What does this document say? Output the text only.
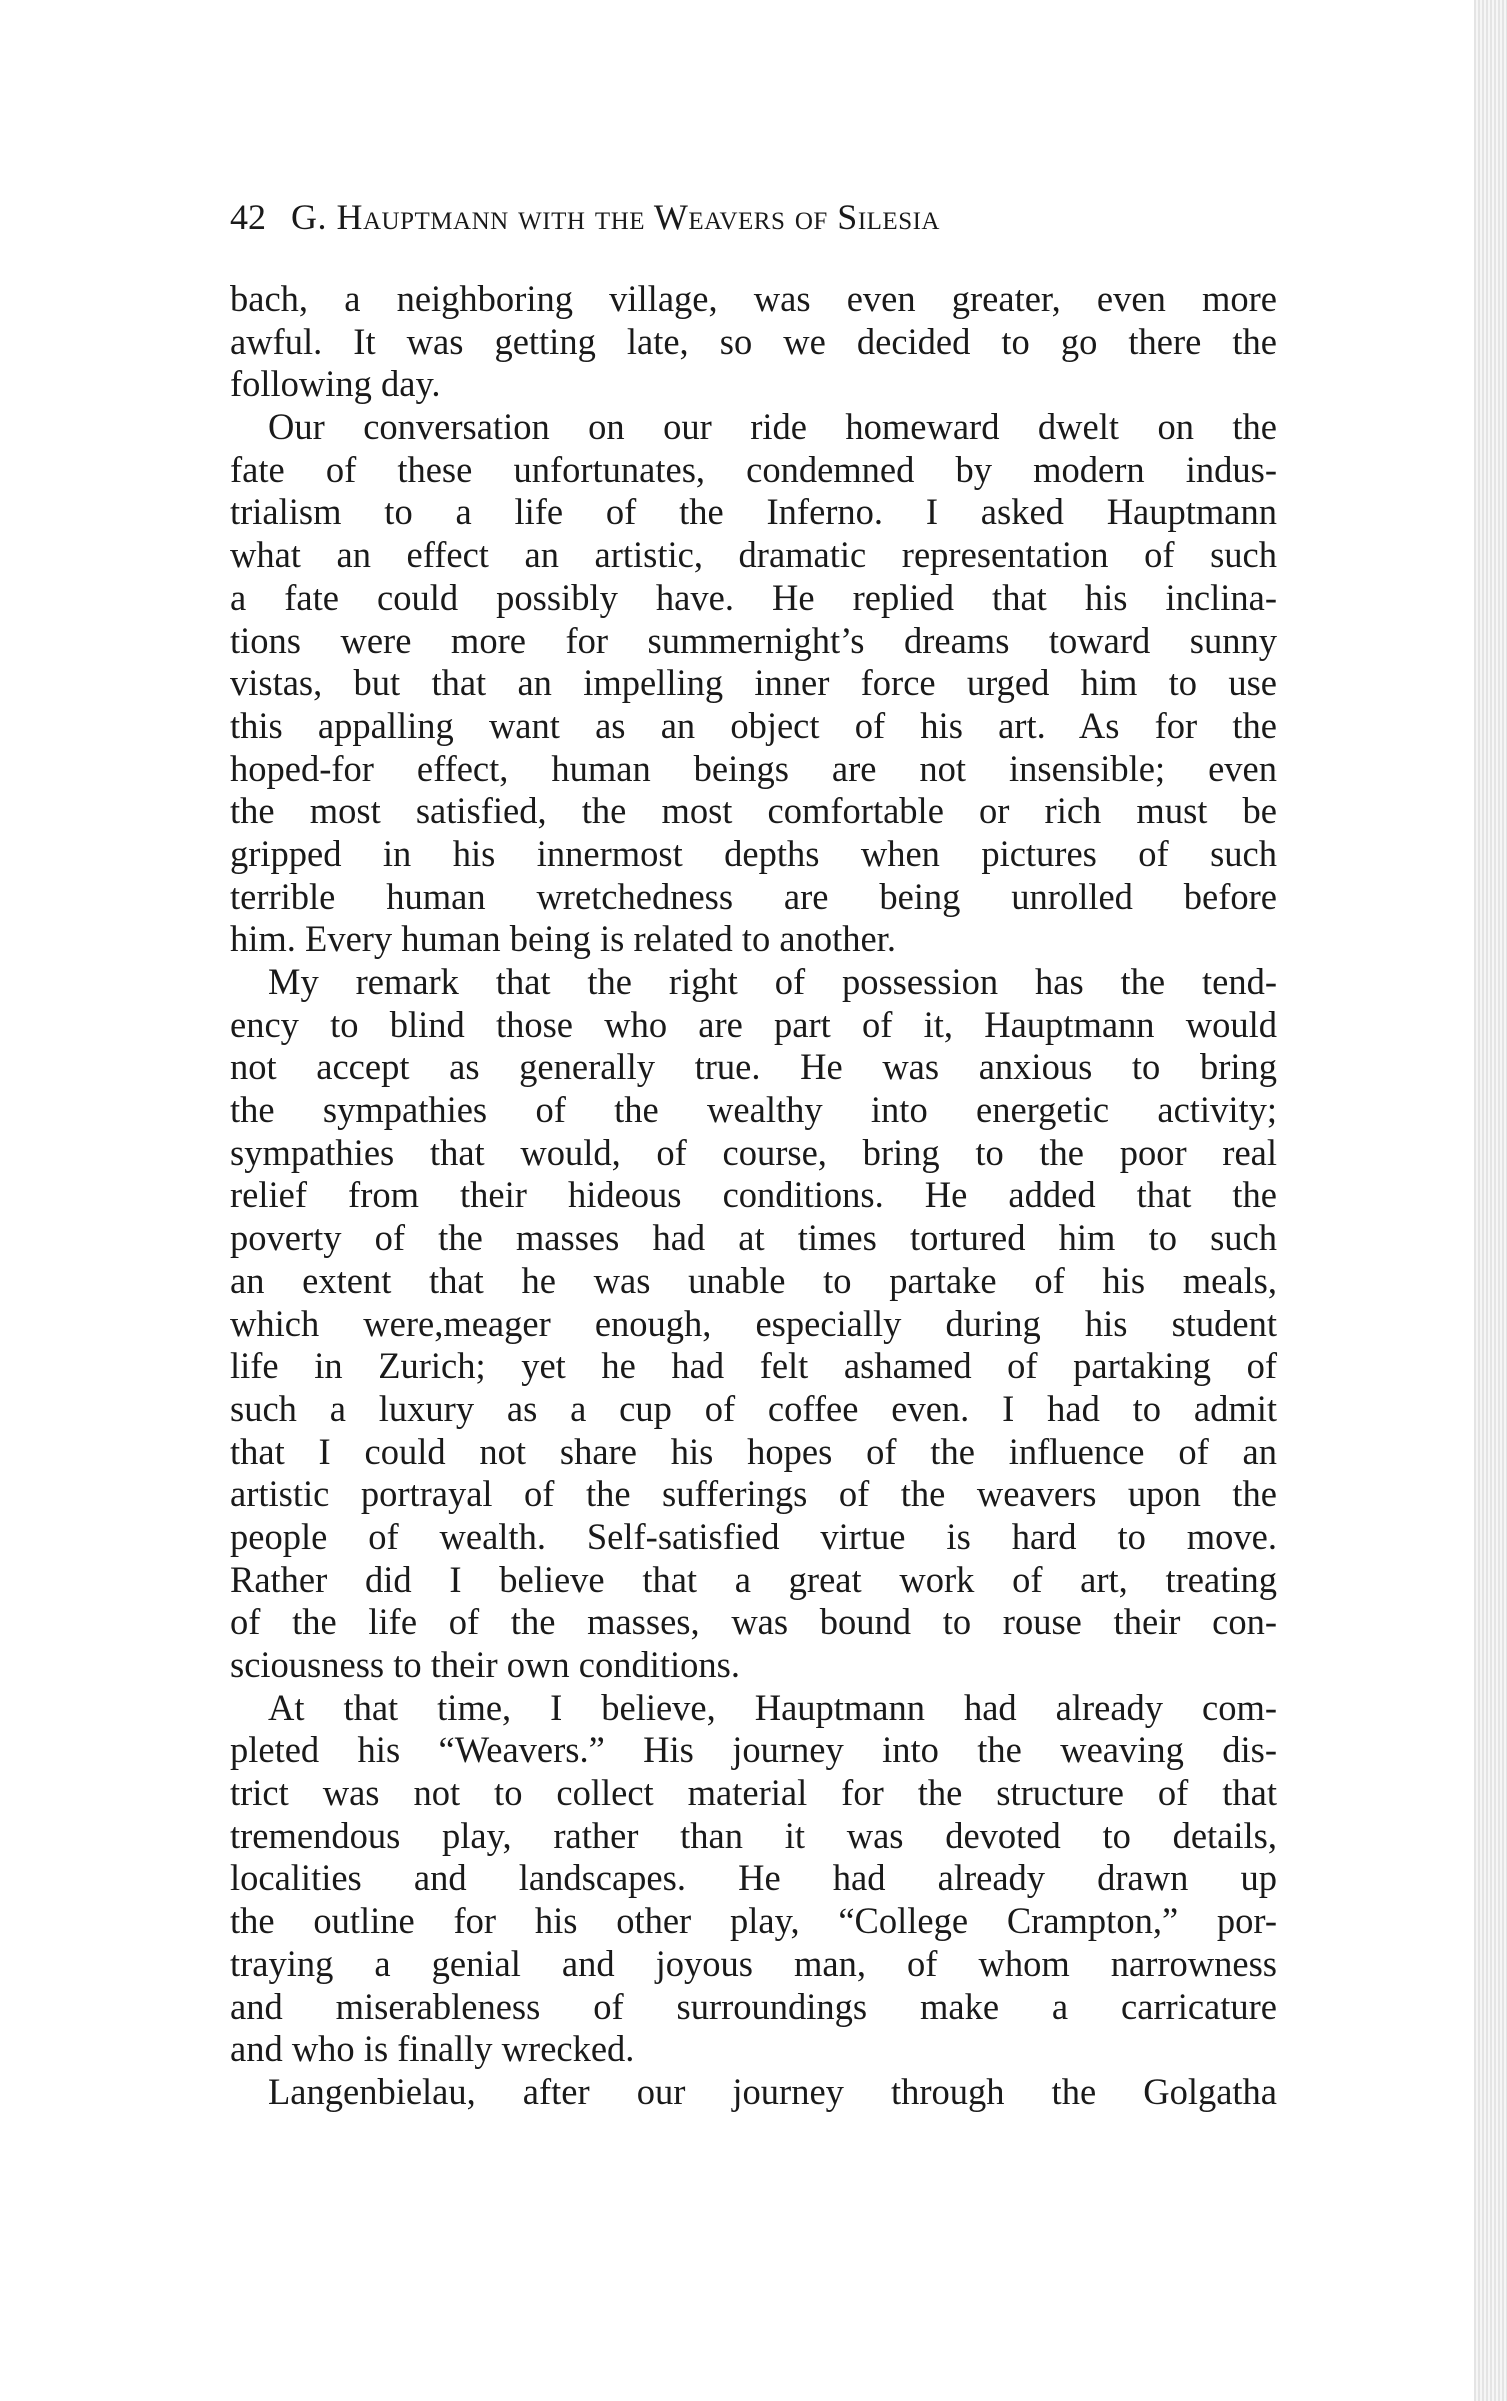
42 G. Hauptmann with the Weavers of Silesia
bach, a neighboring village, was even greater, even more
awful. It was getting late, so we decided to go there the
following day.
Our conversation on our ride homeward dwelt on the
fate of these unfortunates, condemned by modern indus-
trialism to a life of the Inferno. I asked Hauptmann
what an effect an artistic, dramatic representation of such
a fate could possibly have. He replied that his inclina-
tions were more for summernight’s dreams toward sunny
vistas, but that an impelling inner force urged him to use
this appalling want as an object of his art. As for the
hoped-for effect, human beings are not insensible; even
the most satisfied, the most comfortable or rich must be
gripped in his innermost depths when pictures of such
terrible human wretchedness are being unrolled before
him. Every human being is related to another.
My remark that the right of possession has the tend-
ency to blind those who are part of it, Hauptmann would
not accept as generally true. He was anxious to bring
the sympathies of the wealthy into energetic activity;
sympathies that would, of course, bring to the poor real
relief from their hideous conditions. He added that the
poverty of the masses had at times tortured him to such
an extent that he was unable to partake of his meals,
which were,meager enough, especially during his student
life in Zurich; yet he had felt ashamed of partaking of
such a luxury as a cup of coffee even. I had to admit
that I could not share his hopes of the influence of an
artistic portrayal of the sufferings of the weavers upon the
people of wealth. Self-satisfied virtue is hard to move.
Rather did I believe that a great work of art, treating
of the life of the masses, was bound to rouse their con-
sciousness to their own conditions.
At that time, I believe, Hauptmann had already com-
pleted his “Weavers.” His journey into the weaving dis-
trict was not to collect material for the structure of that
tremendous play, rather than it was devoted to details,
localities and landscapes. He had already drawn up
the outline for his other play, “College Crampton,” por-
traying a genial and joyous man, of whom narrowness
and miserableness of surroundings make a carricature
and who is finally wrecked.
Langenbielau, after our journey through the Golgatha
